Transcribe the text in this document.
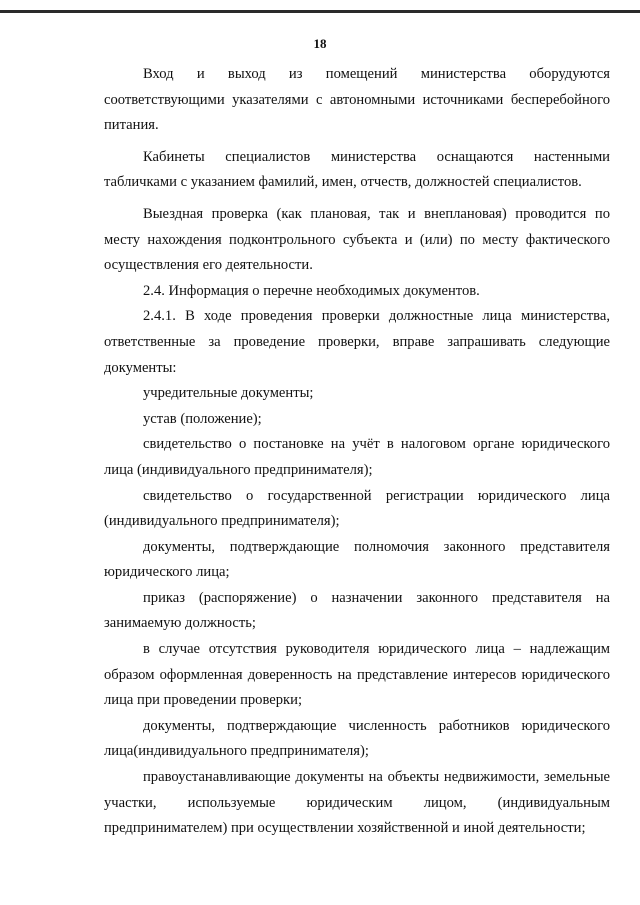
18

Вход и выход из помещений министерства оборудуются соответствующими указателями с автономными источниками бесперебойного питания.

Кабинеты специалистов министерства оснащаются настенными табличками с указанием фамилий, имен, отчеств, должностей специалистов.

Выездная проверка (как плановая, так и внеплановая) проводится по месту нахождения подконтрольного субъекта и (или) по месту фактического осуществления его деятельности.

2.4. Информация о перечне необходимых документов.

2.4.1. В ходе проведения проверки должностные лица министерства, ответственные за проведение проверки, вправе запрашивать следующие документы:

учредительные документы;

устав (положение);

свидетельство о постановке на учёт в налоговом органе юридического лица (индивидуального предпринимателя);

свидетельство о государственной регистрации юридического лица (индивидуального предпринимателя);

документы, подтверждающие полномочия законного представителя юридического лица;

приказ (распоряжение) о назначении законного представителя на занимаемую должность;

в случае отсутствия руководителя юридического лица – надлежащим образом оформленная доверенность на представление интересов юридического лица при проведении проверки;

документы, подтверждающие численность работников юридического лица(индивидуального предпринимателя);

правоустанавливающие документы на объекты недвижимости, земельные участки, используемые юридическим лицом, (индивидуальным предпринимателем) при осуществлении хозяйственной и иной деятельности;
